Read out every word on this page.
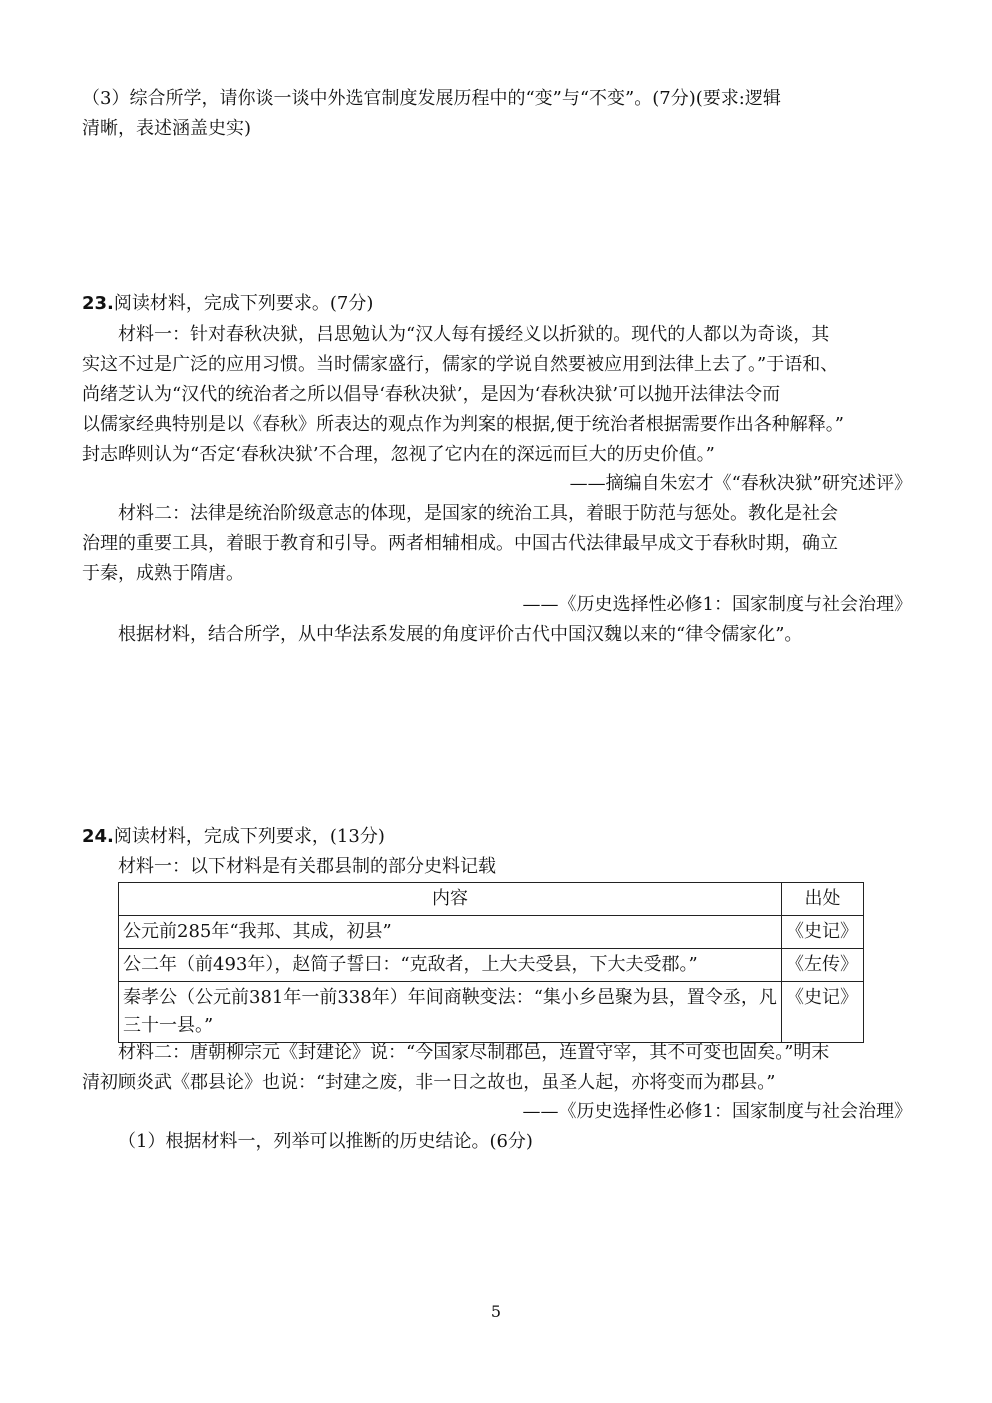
（3）综合所学，请你谈一谈中外选官制度发展历程中的“变”与“不变”。(7分)(要求:逻辑
清晰，表述涵盖史实)
23.阅读材料，完成下列要求。(7分)
材料一：针对春秋决狱，吕思勉认为“汉人每有援经义以折狱的。现代的人都以为奇谈，其
实这不过是广泛的应用习惯。当时儒家盛行，儒家的学说自然要被应用到法律上去了。”于语和、
尚绪芝认为“汉代的统治者之所以倡导‘春秋决狱’，是因为‘春秋决狱’可以抛开法律法令而
以儒家经典特别是以《春秋》所表达的观点作为判案的根据,便于统治者根据需要作出各种解释。”
封志晔则认为“否定‘春秋决狱’不合理，忽视了它内在的深远而巨大的历史价值。”
——摘编自朱宏才《“春秋决狱”研究述评》
材料二：法律是统治阶级意志的体现，是国家的统治工具，着眼于防范与惩处。教化是社会
治理的重要工具，着眼于教育和引导。两者相辅相成。中国古代法律最早成文于春秋时期，确立
于秦，成熟于隋唐。
——《历史选择性必修1：国家制度与社会治理》
根据材料，结合所学，从中华法系发展的角度评价古代中国汉魏以来的“律令儒家化”。
24.阅读材料，完成下列要求，(13分)
材料一：以下材料是有关郡县制的部分史料记载
内容	出处
公元前285年“我邦、其成，初县”	《史记》
公二年（前493年），赵简子誓曰：“克敌者，上大夫受县，下大夫受郡。”	《左传》
秦孝公（公元前381年一前338年）年间商鞅变法：“集小乡邑聚为县，置令丞，凡三十一县。”	《史记》
材料二：唐朝柳宗元《封建论》说：“今国家尽制郡邑，连置守宰，其不可变也固矣。”明末
清初顾炎武《郡县论》也说：“封建之废，非一日之故也，虽圣人起，亦将变而为郡县。”
——《历史选择性必修1：国家制度与社会治理》
（1）根据材料一，列举可以推断的历史结论。(6分)
5
